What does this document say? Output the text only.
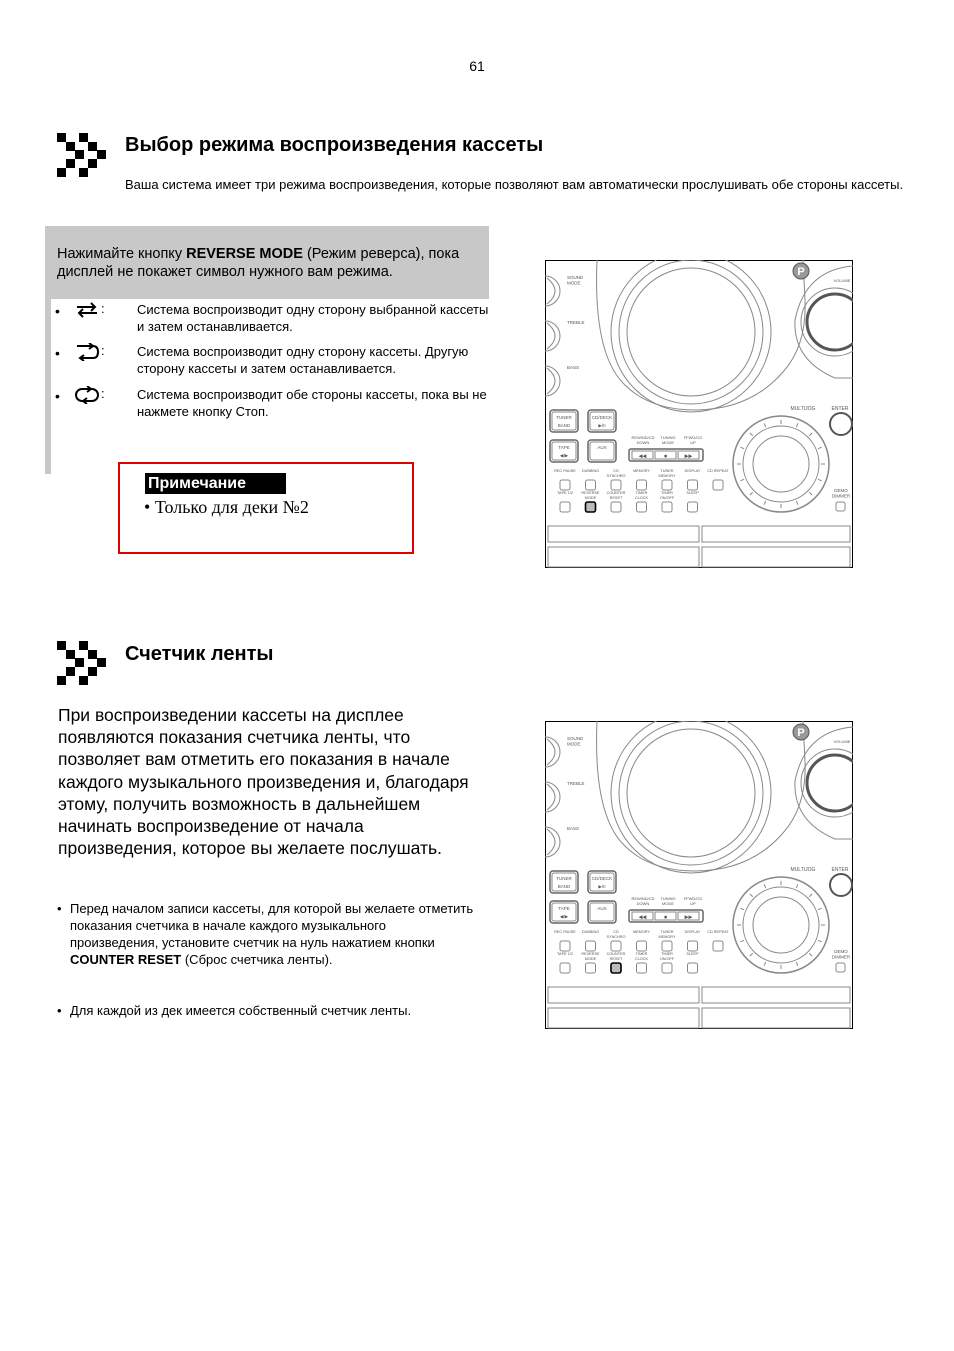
61
Выбор режима воспроизведения кассеты
Ваша система имеет три режима воспроизведения, которые позволяют вам автоматически прослушивать обе стороны кассеты.
Нажимайте кнопку REVERSE MODE (Режим реверса), пока дисплей не покажет символ нужного вам режима.
•	: Система воспроизводит одну сторону выбранной кассеты и затем останавливается.
•	: Система воспроизводит одну сторону кассеты. Другую сторону кассеты и затем останавливается.
•	: Система воспроизводит обе стороны кассеты, пока вы не нажмете кнопку Стоп.
Примечание
• Только для деки №2
SOUND MODE
TREBLE
BASS
VOLUME
P
MULTIJOG	ENTER
DEMO DIMMER
TUNER
BAND
CD/DECK
▶/II
TAPE
◀/▶
AUX
REWIND/CD DOWN
TUNING MODE
FFWD/CD UP
◀◀	■	▶▶
REC PAUSE DUBBING	CD SYNCHRO
MEMORY	TUNER MEMORY
DISPLAY CD REPEAT
TAPE 1/2 REVERSE MODE
COUNTER RESET
TIMER CLOCK
TIMER ON/OFF
SLEEP
SOUND MODE
TREBLE
BASS
VOLUME
P
MULTIJOG	ENTER
DEMO DIMMER
TUNER
BAND
CD/DECK
▶/II
TAPE
◀/▶
AUX
REWIND/CD DOWN
TUNING MODE
FFWD/CD UP
◀◀	■	▶▶
REC PAUSE DUBBING	CD SYNCHRO
MEMORY	TUNER MEMORY
DISPLAY CD REPEAT
TAPE 1/2 REVERSE MODE
COUNTER RESET
TIMER CLOCK
TIMER ON/OFF
SLEEP
Счетчик ленты
При воспроизведении кассеты на дисплее появляются показания счетчика ленты, что позволяет вам отметить его показания в начале каждого музыкального произведения и, благодаря этому, получить возможность в дальнейшем начинать воспроизведение от начала произведения, которое вы желаете послушать.
• Перед началом записи кассеты, для которой вы желаете отметить показания счетчика в начале каждого музыкального произведения, установите счетчик на нуль нажатием кнопки COUNTER RESET (Сброс счетчика ленты).
• Для каждой из дек имеется собственный счетчик ленты.
